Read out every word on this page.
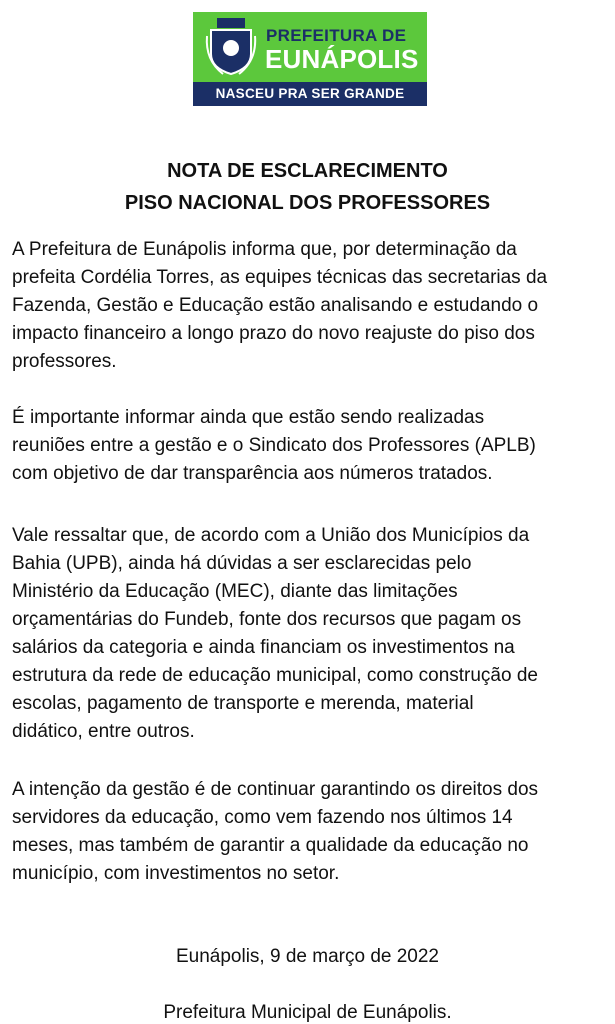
PREFEITURA DE
EUNÁPOLIS
NASCEU PRA SER GRANDE
NOTA DE ESCLARECIMENTO
PISO NACIONAL DOS PROFESSORES
A Prefeitura de Eunápolis informa que, por determinação da
prefeita Cordélia Torres, as equipes técnicas das secretarias da
Fazenda, Gestão e Educação estão analisando e estudando o
impacto financeiro a longo prazo do novo reajuste do piso dos
professores.
É importante informar ainda que estão sendo realizadas
reuniões entre a gestão e o Sindicato dos Professores (APLB)
com objetivo de dar transparência aos números tratados.
Vale ressaltar que, de acordo com a União dos Municípios da
Bahia (UPB), ainda há dúvidas a ser esclarecidas pelo
Ministério da Educação (MEC), diante das limitações
orçamentárias do Fundeb, fonte dos recursos que pagam os
salários da categoria e ainda financiam os investimentos na
estrutura da rede de educação municipal, como construção de
escolas, pagamento de transporte e merenda, material
didático, entre outros.
A intenção da gestão é de continuar garantindo os direitos dos
servidores da educação, como vem fazendo nos últimos 14
meses, mas também de garantir a qualidade da educação no
município, com investimentos no setor.
Eunápolis, 9 de março de 2022
Prefeitura Municipal de Eunápolis.
